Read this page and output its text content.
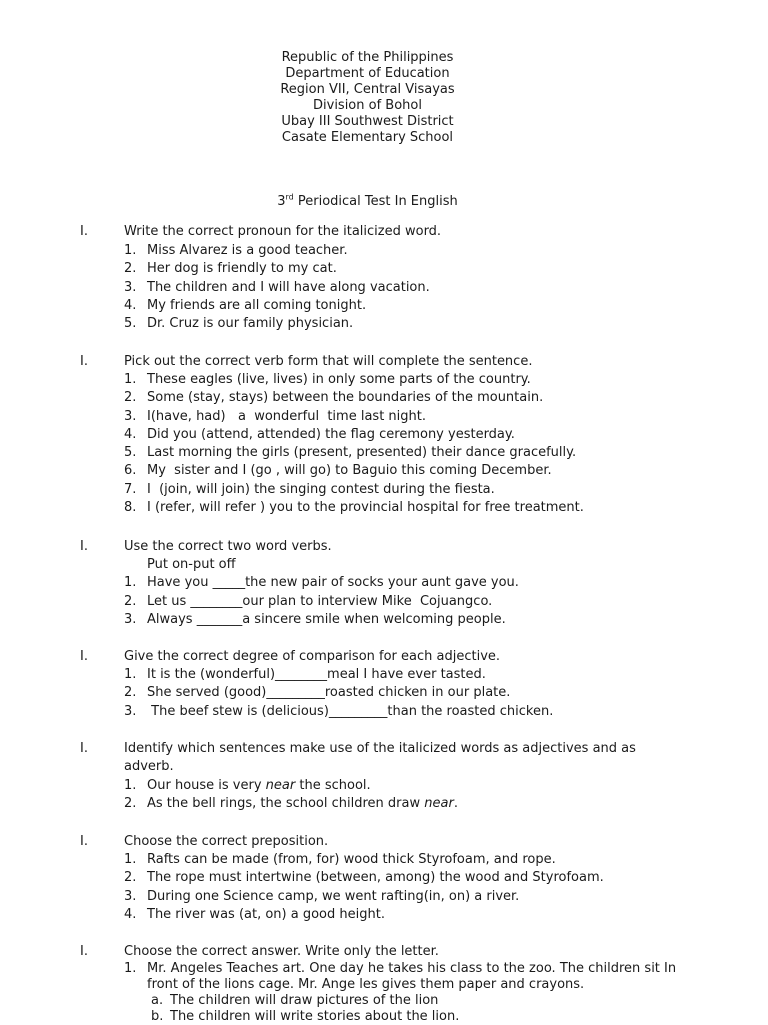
Republic of the Philippines
Department of Education
Region VII, Central Visayas
Division of Bohol
Ubay III Southwest District
Casate Elementary School
3rd Periodical Test In English
I.	Write the correct pronoun for the italicized word.
1. Miss Alvarez is a good teacher.
2. Her dog is friendly to my cat.
3. The children and I will have along vacation.
4. My friends are all coming tonight.
5. Dr. Cruz is our family physician.
I.	Pick out the correct verb form that will complete the sentence.
1. These eagles (live, lives) in only some parts of the country.
2. Some (stay, stays) between the boundaries of the mountain.
3. I(have, had)   a  wonderful  time last night.
4. Did you (attend, attended) the flag ceremony yesterday.
5. Last morning the girls (present, presented) their dance gracefully.
6. My  sister and I (go , will go) to Baguio this coming December.
7. I  (join, will join) the singing contest during the fiesta.
8. I (refer, will refer ) you to the provincial hospital for free treatment.
I.	Use the correct two word verbs.
Put on-put off
1. Have you _____the new pair of socks your aunt gave you.
2. Let us ________our plan to interview Mike  Cojuangco.
3. Always _______a sincere smile when welcoming people.
I.	Give the correct degree of comparison for each adjective.
1. It is the (wonderful)________meal I have ever tasted.
2. She served (good)_________roasted chicken in our plate.
3. The beef stew is (delicious)_________than the roasted chicken.
I.	Identify which sentences make use of the italicized words as adjectives and as adverb.
1. Our house is very near the school.
2. As the bell rings, the school children draw near.
I.	Choose the correct preposition.
1. Rafts can be made (from, for) wood thick Styrofoam, and rope.
2. The rope must intertwine (between, among) the wood and Styrofoam.
3. During one Science camp, we went rafting(in, on) a river.
4. The river was (at, on) a good height.
I.	Choose the correct answer. Write only the letter.
1. Mr. Angeles Teaches art. One day he takes his class to the zoo. The children sit In front of the lions cage. Mr. Ange les gives them paper and crayons.
a. The children will draw pictures of the lion
b. The children will write stories about the lion.
